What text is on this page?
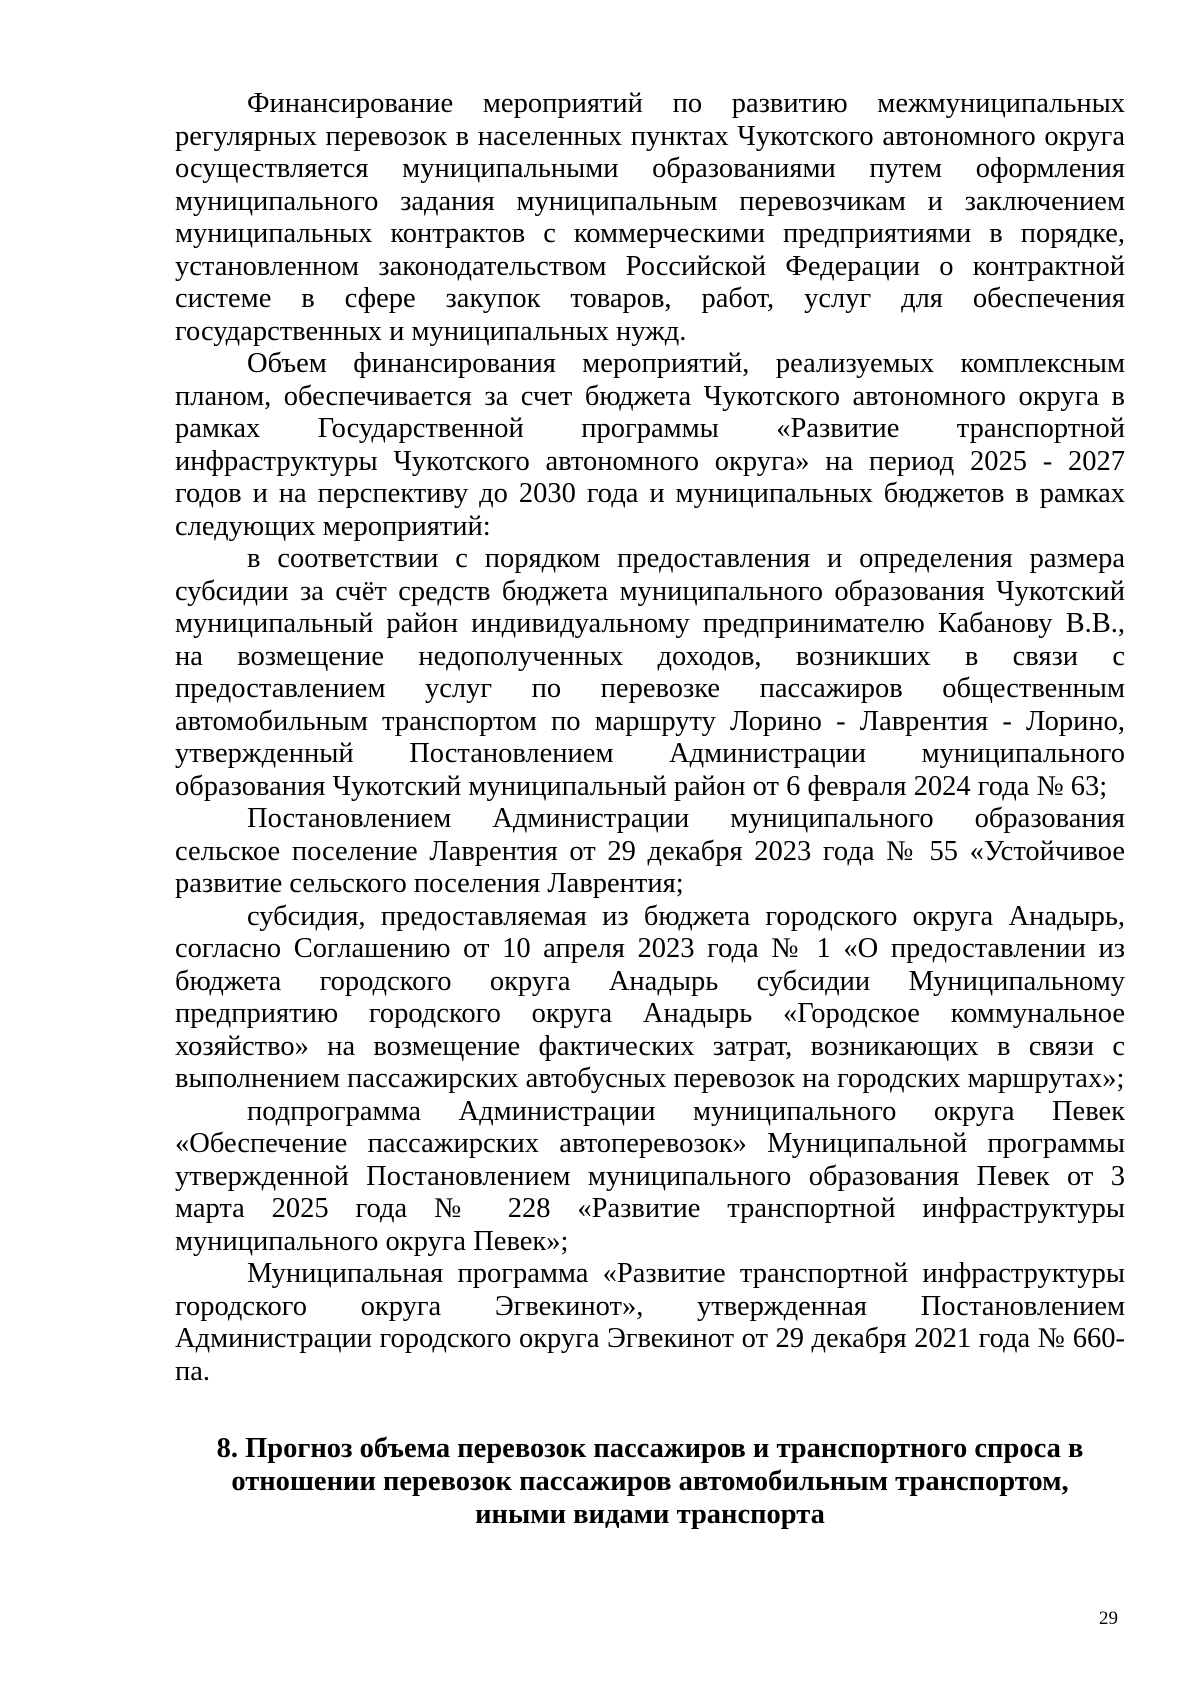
Финансирование мероприятий по развитию межмуниципальных регулярных перевозок в населенных пунктах Чукотского автономного округа осуществляется муниципальными образованиями путем оформления муниципального задания муниципальным перевозчикам и заключением муниципальных контрактов с коммерческими предприятиями в порядке, установленном законодательством Российской Федерации о контрактной системе в сфере закупок товаров, работ, услуг для обеспечения государственных и муниципальных нужд.

Объем финансирования мероприятий, реализуемых комплексным планом, обеспечивается за счет бюджета Чукотского автономного округа в рамках Государственной программы «Развитие транспортной инфраструктуры Чукотского автономного округа» на период 2025 - 2027 годов и на перспективу до 2030 года и муниципальных бюджетов в рамках следующих мероприятий:

в соответствии с порядком предоставления и определения размера субсидии за счёт средств бюджета муниципального образования Чукотский муниципальный район индивидуальному предпринимателю Кабанову В.В., на возмещение недополученных доходов, возникших в связи с предоставлением услуг по перевозке пассажиров общественным автомобильным транспортом по маршруту Лорино - Лаврентия - Лорино, утвержденный Постановлением Администрации муниципального образования Чукотский муниципальный район от 6 февраля 2024 года № 63;

Постановлением Администрации муниципального образования сельское поселение Лаврентия от 29 декабря 2023 года № 55 «Устойчивое развитие сельского поселения Лаврентия;

субсидия, предоставляемая из бюджета городского округа Анадырь, согласно Соглашению от 10 апреля 2023 года № 1 «О предоставлении из бюджета городского округа Анадырь субсидии Муниципальному предприятию городского округа Анадырь «Городское коммунальное хозяйство» на возмещение фактических затрат, возникающих в связи с выполнением пассажирских автобусных перевозок на городских маршрутах»;

подпрограмма Администрации муниципального округа Певек «Обеспечение пассажирских автоперевозок» Муниципальной программы утвержденной Постановлением муниципального образования Певек от 3 марта 2025 года № 228 «Развитие транспортной инфраструктуры муниципального округа Певек»;

Муниципальная программа «Развитие транспортной инфраструктуры городского округа Эгвекинот», утвержденная Постановлением Администрации городского округа Эгвекинот от 29 декабря 2021 года № 660-па.

8. Прогноз объема перевозок пассажиров и транспортного спроса в отношении перевозок пассажиров автомобильным транспортом, иными видами транспорта

29
